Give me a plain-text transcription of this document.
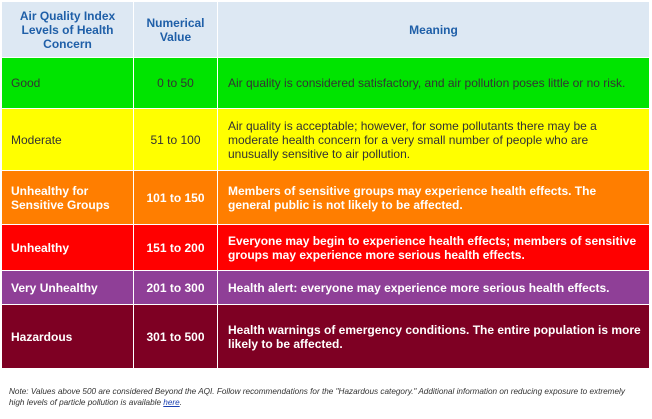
Air Quality Index Levels of Health Concern	Numerical Value	Meaning
Good	0 to 50	Air quality is considered satisfactory, and air pollution poses little or no risk.
Moderate	51 to 100	Air quality is acceptable; however, for some pollutants there may be a moderate health concern for a very small number of people who are unusually sensitive to air pollution.
Unhealthy for Sensitive Groups	101 to 150	Members of sensitive groups may experience health effects. The general public is not likely to be affected.
Unhealthy	151 to 200	Everyone may begin to experience health effects; members of sensitive groups may experience more serious health effects.
Very Unhealthy	201 to 300	Health alert: everyone may experience more serious health effects.
Hazardous	301 to 500	Health warnings of emergency conditions. The entire population is more likely to be affected.
Note: Values above 500 are considered Beyond the AQI. Follow recommendations for the "Hazardous category." Additional information on reducing exposure to extremely high levels of particle pollution is available here.
